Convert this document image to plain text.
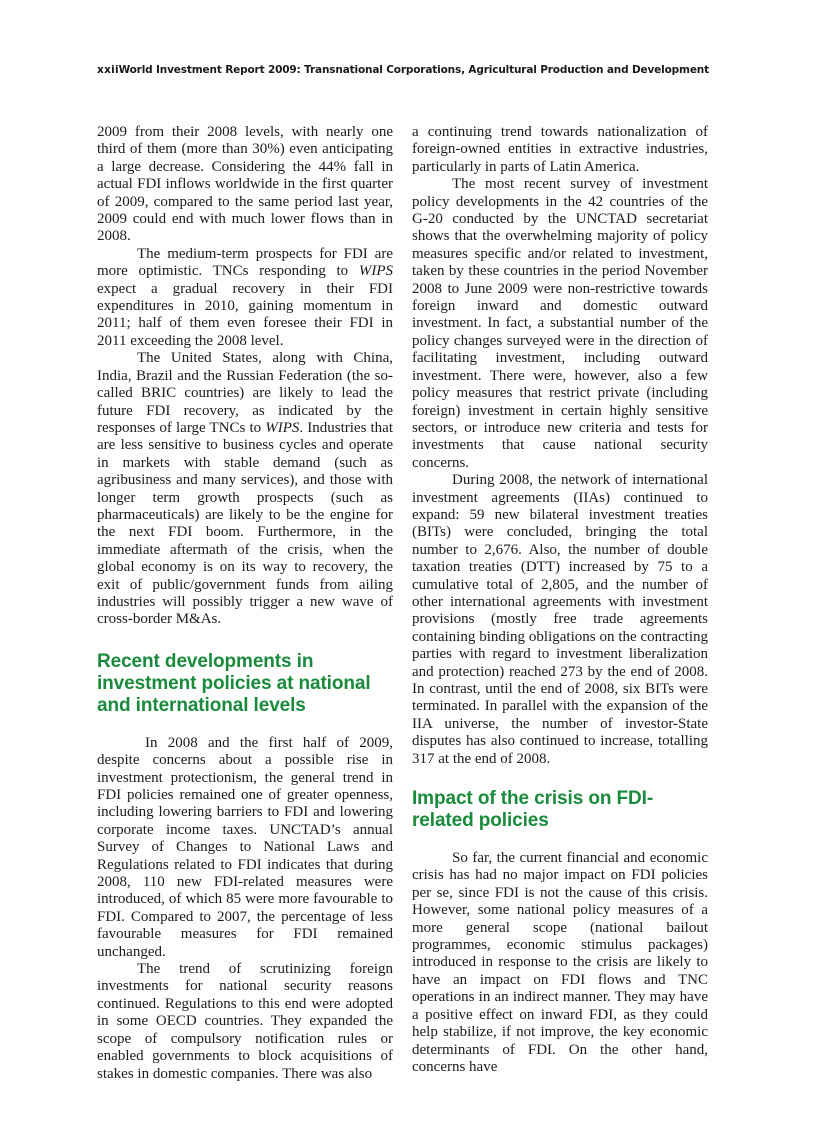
xxii World Investment Report 2009: Transnational Corporations, Agricultural Production and Development

2009 from their 2008 levels, with nearly one third of them (more than 30%) even anticipating a large decrease. Considering the 44% fall in actual FDI inflows worldwide in the first quarter of 2009, compared to the same period last year, 2009 could end with much lower flows than in 2008.

The medium-term prospects for FDI are more optimistic. TNCs responding to WIPS expect a gradual recovery in their FDI expenditures in 2010, gaining momentum in 2011; half of them even foresee their FDI in 2011 exceeding the 2008 level.

The United States, along with China, India, Brazil and the Russian Federation (the so-called BRIC countries) are likely to lead the future FDI recovery, as indicated by the responses of large TNCs to WIPS. Industries that are less sensitive to business cycles and operate in markets with stable demand (such as agribusiness and many services), and those with longer term growth prospects (such as pharmaceuticals) are likely to be the engine for the next FDI boom. Furthermore, in the immediate aftermath of the crisis, when the global economy is on its way to recovery, the exit of public/government funds from ailing industries will possibly trigger a new wave of cross-border M&As.

Recent developments in investment policies at national and international levels

In 2008 and the first half of 2009, despite concerns about a possible rise in investment protectionism, the general trend in FDI policies remained one of greater openness, including lowering barriers to FDI and lowering corporate income taxes. UNCTAD’s annual Survey of Changes to National Laws and Regulations related to FDI indicates that during 2008, 110 new FDI-related measures were introduced, of which 85 were more favourable to FDI. Compared to 2007, the percentage of less favourable measures for FDI remained unchanged.

The trend of scrutinizing foreign investments for national security reasons continued. Regulations to this end were adopted in some OECD countries. They expanded the scope of compulsory notification rules or enabled governments to block acquisitions of stakes in domestic companies. There was also

a continuing trend towards nationalization of foreign-owned entities in extractive industries, particularly in parts of Latin America.

The most recent survey of investment policy developments in the 42 countries of the G-20 conducted by the UNCTAD secretariat shows that the overwhelming majority of policy measures specific and/or related to investment, taken by these countries in the period November 2008 to June 2009 were non-restrictive towards foreign inward and domestic outward investment. In fact, a substantial number of the policy changes surveyed were in the direction of facilitating investment, including outward investment. There were, however, also a few policy measures that restrict private (including foreign) investment in certain highly sensitive sectors, or introduce new criteria and tests for investments that cause national security concerns.

During 2008, the network of international investment agreements (IIAs) continued to expand: 59 new bilateral investment treaties (BITs) were concluded, bringing the total number to 2,676. Also, the number of double taxation treaties (DTT) increased by 75 to a cumulative total of 2,805, and the number of other international agreements with investment provisions (mostly free trade agreements containing binding obligations on the contracting parties with regard to investment liberalization and protection) reached 273 by the end of 2008. In contrast, until the end of 2008, six BITs were terminated. In parallel with the expansion of the IIA universe, the number of investor-State disputes has also continued to increase, totalling 317 at the end of 2008.

Impact of the crisis on FDI-related policies

So far, the current financial and economic crisis has had no major impact on FDI policies per se, since FDI is not the cause of this crisis. However, some national policy measures of a more general scope (national bailout programmes, economic stimulus packages) introduced in response to the crisis are likely to have an impact on FDI flows and TNC operations in an indirect manner. They may have a positive effect on inward FDI, as they could help stabilize, if not improve, the key economic determinants of FDI. On the other hand, concerns have
